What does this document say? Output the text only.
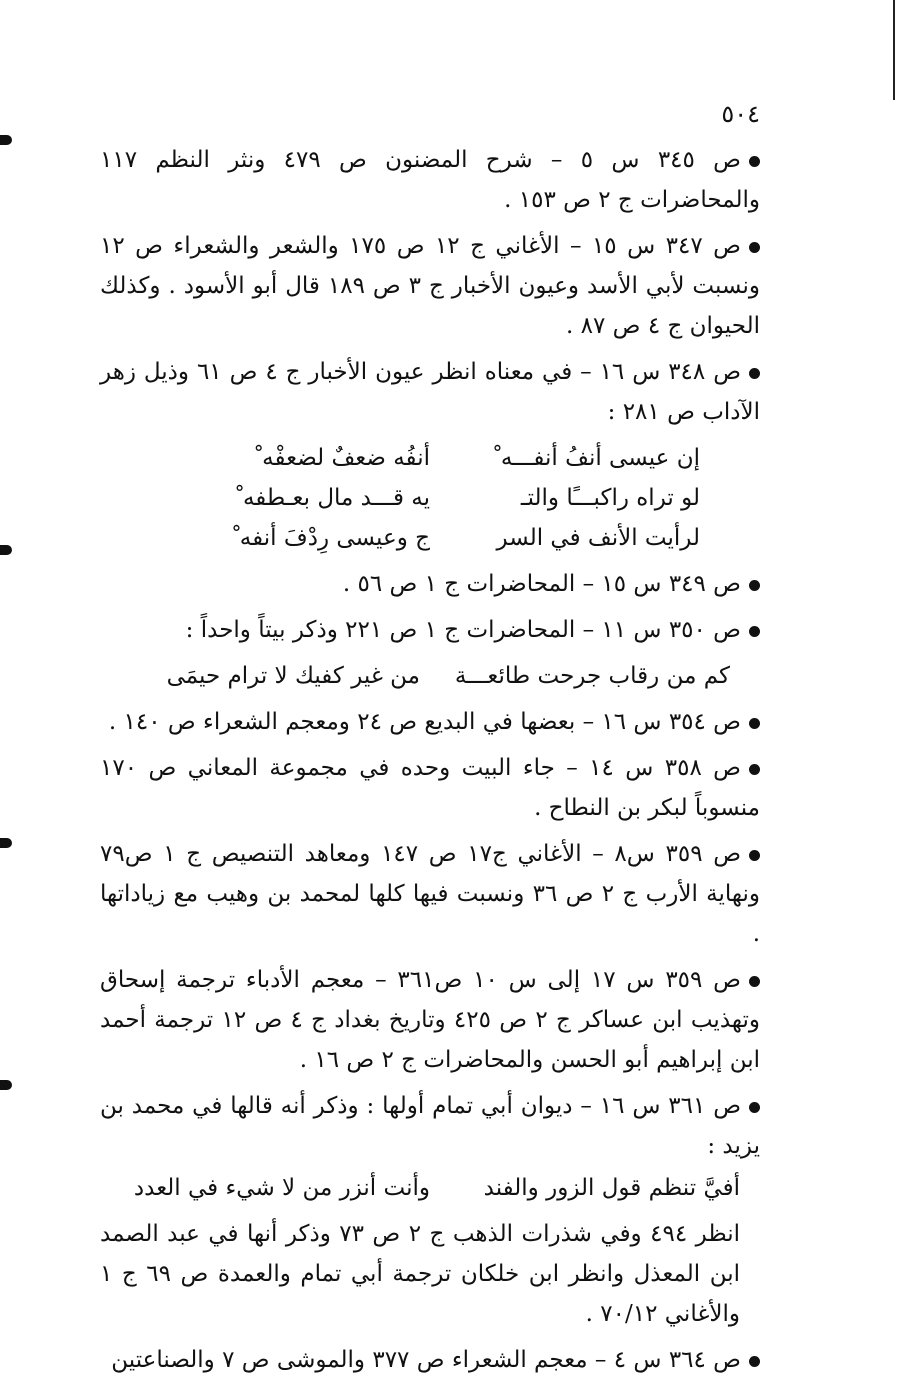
٥٠٤

ص ٣٤٥ س ٥ – شرح المضنون ص ٤٧٩ ونثر النظم ١١٧ والمحاضرات ج ٢ ص ١٥٣ .

ص ٣٤٧ س ١٥ – الأغاني ج ١٢ ص ١٧٥ والشعر والشعراء ص ١٢ ونسبت لأبي الأسد وعيون الأخبار ج ٣ ص ١٨٩ قال أبو الأسود . وكذلك الحيوان ج ٤ ص ٨٧ .

ص ٣٤٨ س ١٦ – في معناه انظر عيون الأخبار ج ٤ ص ٦١ وذيل زهر الآداب ص ٢٨١ :

إن عيسى أنفُ أنفـــه ْ
أنفُه ضعفٌ لضعفْه ْ
لو تراه راكبـــًا والتـ
يه قـــد مال بعـطفه ْ
لرأيت الأنف في السر
ج وعيسى رِدْفَ أنفه ْ

ص ٣٤٩ س ١٥ – المحاضرات ج ١ ص ٥٦ .

ص ٣٥٠ س ١١ – المحاضرات ج ١ ص ٢٢١ وذكر بيتاً واحداً :

كم من رقاب جرحت طائعـــة
من غير كفيك لا ترام حيمَى

ص ٣٥٤ س ١٦ – بعضها في البديع ص ٢٤ ومعجم الشعراء ص ١٤٠ .

ص ٣٥٨ س ١٤ – جاء البيت وحده في مجموعة المعاني ص ١٧٠ منسوباً لبكر بن النطاح .

ص ٣٥٩ س٨ – الأغاني ج١٧ ص ١٤٧ ومعاهد التنصيص ج ١ ص٧٩ ونهاية الأرب ج ٢ ص ٣٦ ونسبت فيها كلها لمحمد بن وهيب مع زياداتها .

ص ٣٥٩ س ١٧ إلى س ١٠ ص٣٦١ – معجم الأدباء ترجمة إسحاق وتهذيب ابن عساكر ج ٢ ص ٤٢٥ وتاريخ بغداد ج ٤ ص ١٢ ترجمة أحمد ابن إبراهيم أبو الحسن والمحاضرات ج ٢ ص ١٦ .

ص ٣٦١ س ١٦ – ديوان أبي تمام أولها : وذكر أنه قالها في محمد بن يزيد :

أفيَّ تنظم قول الزور والفند
وأنت أنزر من لا شيء في العدد

انظر ٤٩٤ وفي شذرات الذهب ج ٢ ص ٧٣ وذكر أنها في عبد الصمد ابن المعذل وانظر ابن خلكان ترجمة أبي تمام والعمدة ص ٦٩ ج ١ والأغاني ٧٠/١٢ .

ص ٣٦٤ س ٤ – معجم الشعراء ص ٣٧٧ والموشى ص ٧ والصناعتين
